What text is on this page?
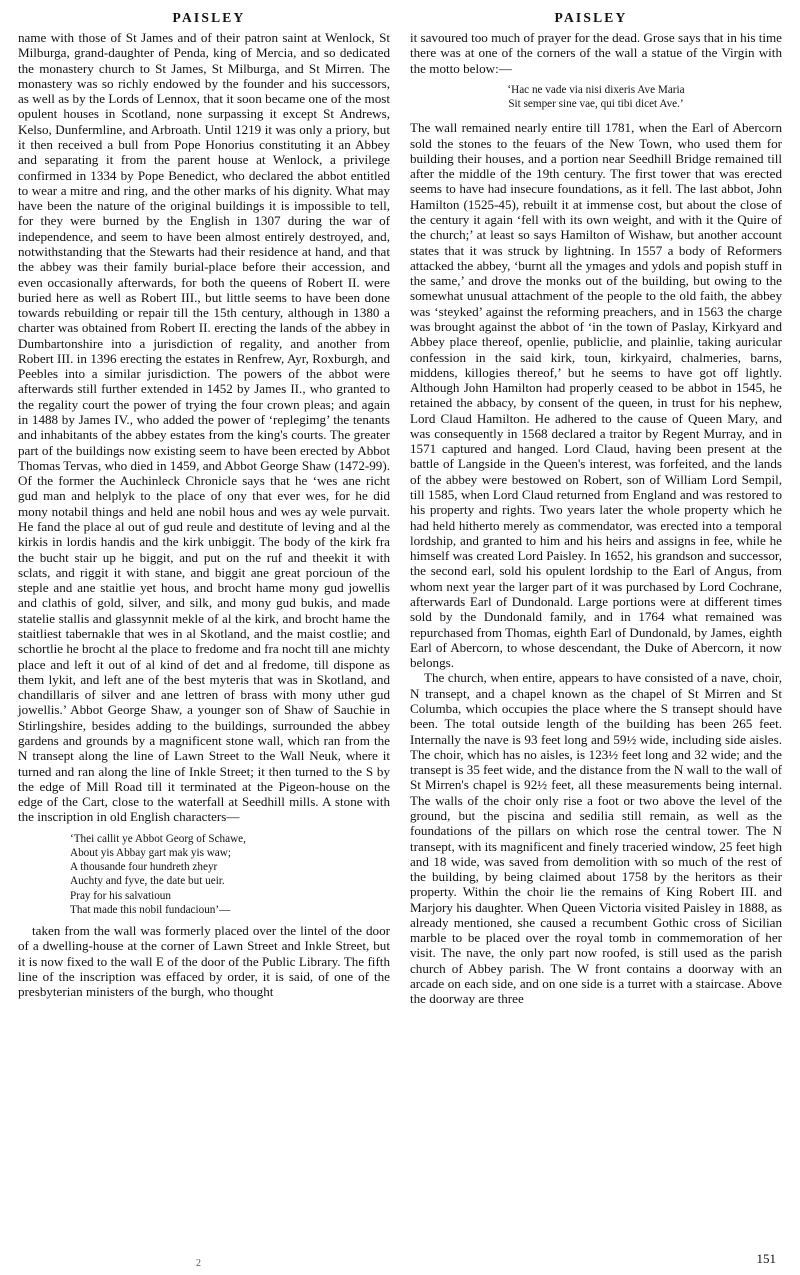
PAISLEY	PAISLEY

name with those of St James and of their patron saint at Wenlock, St Milburga, grand-daughter of Penda, king of Mercia, and so dedicated the monastery church to St James, St Milburga, and St Mirren. The monastery was so richly endowed by the founder and his successors, as well as by the Lords of Lennox, that it soon became one of the most opulent houses in Scotland, none surpassing it except St Andrews, Kelso, Dunfermline, and Arbroath. Until 1219 it was only a priory, but it then received a bull from Pope Honorius constituting it an Abbey and separating it from the parent house at Wenlock, a privilege confirmed in 1334 by Pope Benedict, who declared the abbot entitled to wear a mitre and ring, and the other marks of his dignity. What may have been the nature of the original buildings it is impossible to tell, for they were burned by the English in 1307 during the war of independence, and seem to have been almost entirely destroyed, and, notwithstanding that the Stewarts had their residence at hand, and that the abbey was their family burial-place before their accession, and even occasionally afterwards, for both the queens of Robert II. were buried here as well as Robert III., but little seems to have been done towards rebuilding or repair till the 15th century, although in 1380 a charter was obtained from Robert II. erecting the lands of the abbey in Dumbartonshire into a jurisdiction of regality, and another from Robert III. in 1396 erecting the estates in Renfrew, Ayr, Roxburgh, and Peebles into a similar jurisdiction. The powers of the abbot were afterwards still further extended in 1452 by James II., who granted to the regality court the power of trying the four crown pleas; and again in 1488 by James IV., who added the power of ‘replegimg’ the tenants and inhabitants of the abbey estates from the king's courts. The greater part of the buildings now existing seem to have been erected by Abbot Thomas Tervas, who died in 1459, and Abbot George Shaw (1472-99). Of the former the Auchinleck Chronicle says that he ‘wes ane richt gud man and helplyk to the place of ony that ever wes, for he did mony notabil things and held ane nobil hous and wes ay wele purvait. He fand the place al out of gud reule and destitute of leving and al the kirkis in lordis handis and the kirk unbiggit. The body of the kirk fra the bucht stair up he biggit, and put on the ruf and theekit it with sclats, and riggit it with stane, and biggit ane great porcioun of the steple and ane staitlie yet hous, and brocht hame mony gud jowellis and clathis of gold, silver, and silk, and mony gud bukis, and made statelie stallis and glassynnit mekle of al the kirk, and brocht hame the staitliest tabernakle that wes in al Skotland, and the maist costlie; and schortlie he brocht al the place to fredome and fra nocht till ane michty place and left it out of al kind of det and al fredome, till dispone as them lykit, and left ane of the best myteris that was in Skotland, and chandillaris of silver and ane lettren of brass with mony uther gud jowellis.’ Abbot George Shaw, a younger son of Shaw of Sauchie in Stirlingshire, besides adding to the buildings, surrounded the abbey gardens and grounds by a magnificent stone wall, which ran from the N transept along the line of Lawn Street to the Wall Neuk, where it turned and ran along the line of Inkle Street; it then turned to the S by the edge of Mill Road till it terminated at the Pigeon-house on the edge of the Cart, close to the waterfall at Seedhill mills. A stone with the inscription in old English characters—

‘Thei callit ye Abbot Georg of Schawe,
About yis Abbay gart mak yis waw;
A thousande four hundreth zheyr
Auchty and fyve, the date but ueir.
Pray for his salvatioun
That made this nobil fundacioun’—

taken from the wall was formerly placed over the lintel of the door of a dwelling-house at the corner of Lawn Street and Inkle Street, but it is now fixed to the wall E of the door of the Public Library. The fifth line of the inscription was effaced by order, it is said, of one of the presbyterian ministers of the burgh, who thought

it savoured too much of prayer for the dead. Grose says that in his time there was at one of the corners of the wall a statue of the Virgin with the motto below:—

‘Hac ne vade via nisi dixeris Ave Maria
Sit semper sine vae, qui tibi dicet Ave.’

The wall remained nearly entire till 1781, when the Earl of Abercorn sold the stones to the feuars of the New Town, who used them for building their houses, and a portion near Seedhill Bridge remained till after the middle of the 19th century. The first tower that was erected seems to have had insecure foundations, as it fell. The last abbot, John Hamilton (1525-45), rebuilt it at immense cost, but about the close of the century it again ‘fell with its own weight, and with it the Quire of the church;’ at least so says Hamilton of Wishaw, but another account states that it was struck by lightning. In 1557 a body of Reformers attacked the abbey, ‘burnt all the ymages and ydols and popish stuff in the same,’ and drove the monks out of the building, but owing to the somewhat unusual attachment of the people to the old faith, the abbey was ‘steyked’ against the reforming preachers, and in 1563 the charge was brought against the abbot of ‘in the town of Paslay, Kirkyard and Abbey place thereof, openlie, publiclie, and plainlie, taking auricular confession in the said kirk, toun, kirkyaird, chalmeries, barns, middens, killogies thereof,’ but he seems to have got off lightly. Although John Hamilton had properly ceased to be abbot in 1545, he retained the abbacy, by consent of the queen, in trust for his nephew, Lord Claud Hamilton. He adhered to the cause of Queen Mary, and was consequently in 1568 declared a traitor by Regent Murray, and in 1571 captured and hanged. Lord Claud, having been present at the battle of Langside in the Queen's interest, was forfeited, and the lands of the abbey were bestowed on Robert, son of William Lord Sempil, till 1585, when Lord Claud returned from England and was restored to his property and rights. Two years later the whole property which he had held hitherto merely as commendator, was erected into a temporal lordship, and granted to him and his heirs and assigns in fee, while he himself was created Lord Paisley. In 1652, his grandson and successor, the second earl, sold his opulent lordship to the Earl of Angus, from whom next year the larger part of it was purchased by Lord Cochrane, afterwards Earl of Dundonald. Large portions were at different times sold by the Dundonald family, and in 1764 what remained was repurchased from Thomas, eighth Earl of Dundonald, by James, eighth Earl of Abercorn, to whose descendant, the Duke of Abercorn, it now belongs.

The church, when entire, appears to have consisted of a nave, choir, N transept, and a chapel known as the chapel of St Mirren and St Columba, which occupies the place where the S transept should have been. The total outside length of the building has been 265 feet. Internally the nave is 93 feet long and 59½ wide, including side aisles. The choir, which has no aisles, is 123½ feet long and 32 wide; and the transept is 35 feet wide, and the distance from the N wall to the wall of St Mirren's chapel is 92½ feet, all these measurements being internal. The walls of the choir only rise a foot or two above the level of the ground, but the piscina and sedilia still remain, as well as the foundations of the pillars on which rose the central tower. The N transept, with its magnificent and finely traceried window, 25 feet high and 18 wide, was saved from demolition with so much of the rest of the building, by being claimed about 1758 by the heritors as their property. Within the choir lie the remains of King Robert III. and Marjory his daughter. When Queen Victoria visited Paisley in 1888, as already mentioned, she caused a recumbent Gothic cross of Sicilian marble to be placed over the royal tomb in commemoration of her visit. The nave, the only part now roofed, is still used as the parish church of Abbey parish. The W front contains a doorway with an arcade on each side, and on one side is a turret with a staircase. Above the doorway are three

2	151
